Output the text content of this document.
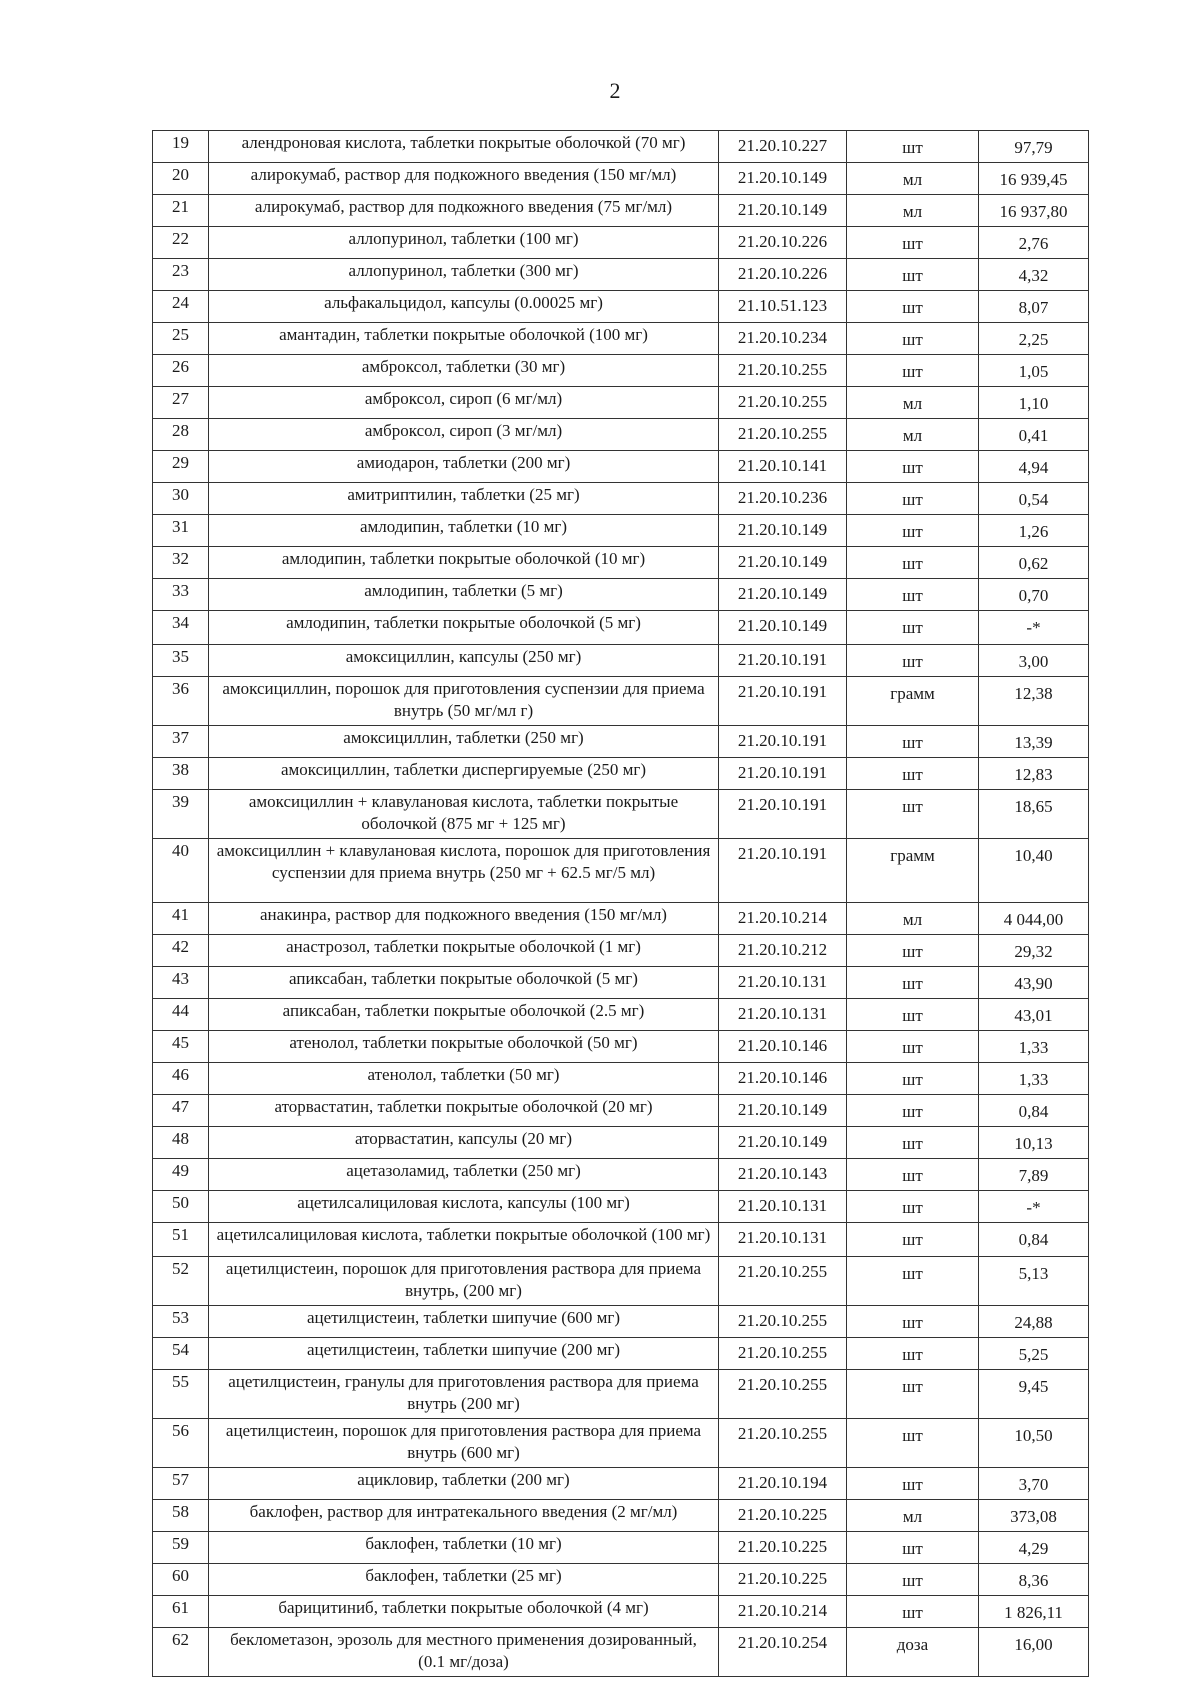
2
19	алендроновая кислота, таблетки покрытые оболочкой (70 мг)	21.20.10.227	шт	97,79
20	алирокумаб, раствор для подкожного введения (150 мг/мл)	21.20.10.149	мл	16 939,45
21	алирокумаб, раствор для подкожного введения (75 мг/мл)	21.20.10.149	мл	16 937,80
22	аллопуринол, таблетки (100 мг)	21.20.10.226	шт	2,76
23	аллопуринол, таблетки (300 мг)	21.20.10.226	шт	4,32
24	альфакальцидол, капсулы (0.00025 мг)	21.10.51.123	шт	8,07
25	амантадин, таблетки покрытые оболочкой (100 мг)	21.20.10.234	шт	2,25
26	амброксол, таблетки (30 мг)	21.20.10.255	шт	1,05
27	амброксол, сироп (6 мг/мл)	21.20.10.255	мл	1,10
28	амброксол, сироп (3 мг/мл)	21.20.10.255	мл	0,41
29	амиодарон, таблетки (200 мг)	21.20.10.141	шт	4,94
30	амитриптилин, таблетки (25 мг)	21.20.10.236	шт	0,54
31	амлодипин, таблетки (10 мг)	21.20.10.149	шт	1,26
32	амлодипин, таблетки покрытые оболочкой (10 мг)	21.20.10.149	шт	0,62
33	амлодипин, таблетки (5 мг)	21.20.10.149	шт	0,70
34	амлодипин, таблетки покрытые оболочкой (5 мг)	21.20.10.149	шт	-*
35	амоксициллин, капсулы (250 мг)	21.20.10.191	шт	3,00
36	амоксициллин, порошок для приготовления суспензии для приема внутрь (50 мг/мл г)	21.20.10.191	грамм	12,38
37	амоксициллин, таблетки (250 мг)	21.20.10.191	шт	13,39
38	амоксициллин, таблетки диспергируемые (250 мг)	21.20.10.191	шт	12,83
39	амоксициллин + клавулановая кислота, таблетки покрытые оболочкой (875 мг + 125 мг)	21.20.10.191	шт	18,65
40	амоксициллин + клавулановая кислота, порошок для приготовления суспензии для приема внутрь (250 мг + 62.5 мг/5 мл)	21.20.10.191	грамм	10,40
41	анакинра, раствор для подкожного введения (150 мг/мл)	21.20.10.214	мл	4 044,00
42	анастрозол, таблетки покрытые оболочкой (1 мг)	21.20.10.212	шт	29,32
43	апиксабан, таблетки покрытые оболочкой (5 мг)	21.20.10.131	шт	43,90
44	апиксабан, таблетки покрытые оболочкой (2.5 мг)	21.20.10.131	шт	43,01
45	атенолол, таблетки покрытые оболочкой (50 мг)	21.20.10.146	шт	1,33
46	атенолол, таблетки (50 мг)	21.20.10.146	шт	1,33
47	аторвастатин, таблетки покрытые оболочкой (20 мг)	21.20.10.149	шт	0,84
48	аторвастатин, капсулы (20 мг)	21.20.10.149	шт	10,13
49	ацетазоламид, таблетки (250 мг)	21.20.10.143	шт	7,89
50	ацетилсалициловая кислота, капсулы (100 мг)	21.20.10.131	шт	-*
51	ацетилсалициловая кислота, таблетки покрытые оболочкой (100 мг)	21.20.10.131	шт	0,84
52	ацетилцистеин, порошок для приготовления раствора для приема внутрь, (200 мг)	21.20.10.255	шт	5,13
53	ацетилцистеин, таблетки шипучие (600 мг)	21.20.10.255	шт	24,88
54	ацетилцистеин, таблетки шипучие (200 мг)	21.20.10.255	шт	5,25
55	ацетилцистеин, гранулы для приготовления раствора для приема внутрь (200 мг)	21.20.10.255	шт	9,45
56	ацетилцистеин, порошок для приготовления раствора для приема внутрь (600 мг)	21.20.10.255	шт	10,50
57	ацикловир, таблетки (200 мг)	21.20.10.194	шт	3,70
58	баклофен, раствор для интратекального введения (2 мг/мл)	21.20.10.225	мл	373,08
59	баклофен, таблетки (10 мг)	21.20.10.225	шт	4,29
60	баклофен, таблетки (25 мг)	21.20.10.225	шт	8,36
61	барицитиниб, таблетки покрытые оболочкой (4 мг)	21.20.10.214	шт	1 826,11
62	беклометазон, эрозоль для местного применения дозированный, (0.1 мг/доза)	21.20.10.254	доза	16,00
